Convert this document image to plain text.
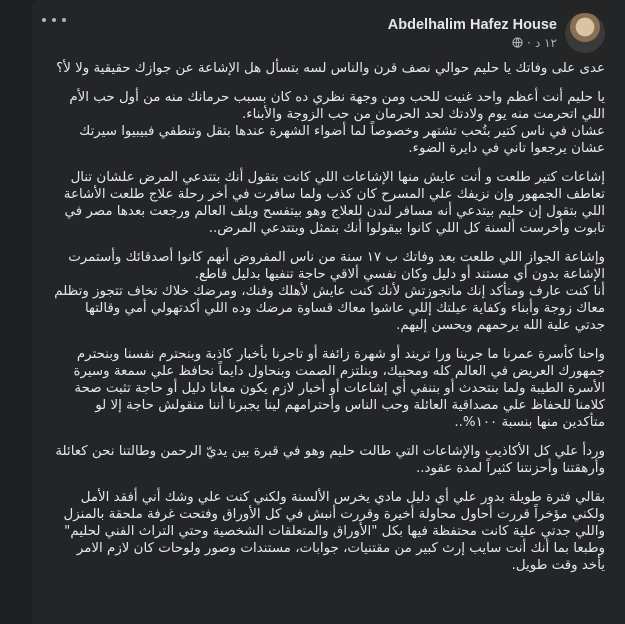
Abdelhalim Hafez House
· ١٢ د

عدى على وفاتك يا حليم حوالي نصف قرن والناس لسه بتسأل هل الإشاعة عن جوازك حقيقية ولا لأ؟

يا حليم أنت أعظم واحد غنيت للحب ومن وجهة نظري ده كان بسبب حرمانك منه من أول حب الأم اللي اتحرمت منه يوم ولادتك لحد الحرمان من حب الزوجة والأبناء.
عشان في ناس كتير بتُحب تشتهر وخصوصاً لما أضواء الشهرة عندها بتقل وتنطفي فبيبيوا سيرتك عشان يرجعوا تاني في دايرة الضوء.

إشاعات كتير طلعت و أنت عايش منها الإشاعات اللي كانت بتقول أنك بتتدعي المرض علشان تنال تعاطف الجمهور وإن نزيفك علي المسرح كان كذب ولما سافرت في أخر رحلة علاج طلعت الأشاعة اللي بتقول إن حليم بيتدعي أنه مسافر لندن للعلاج وهو بيتفسح ويلف العالم ورجعت بعدها مصر في تابوت وأخرست ألسنة كل اللي كانوا بيقولوا أنك بتمثل وبتتدعي المرض..

وإشاعة الجواز اللي طلعت بعد وفاتك ب ١٧ سنة من ناس المفروض أنهم كانوا أصدقائك وأستمرت الإشاعة بدون أي مستند أو دليل وكان نفسي ألاقي حاجة تنفيها بدليل قاطع.
أنا كنت عارف ومتأكد إنك ماتجوزتش لأنك كنت عايش لأهلك وفنك، ومرضك خلاك تخاف تتجوز وتظلم معاك زوجة وأبناء وكفاية عيلتك إللي عاشوا معاك قساوة مرضك وده اللي أكدتهولي أمي وقالتها جدتي علية الله يرحمهم ويحسن إليهم.

واحنا كأسرة عمرنا ما جرينا ورا تريند أو شهرة زائفة أو تاجرنا بأخبار كاذبة وبنحترم نفسنا وبنحترم جمهورك العريض في العالم كله ومحبيك، وبنلتزم الصمت وبنحاول دايماً نحافظ علي سمعة وسيرة الأسرة الطيبة ولما بنتحدث أو بننفي أي إشاعات أو أخبار لازم يكون معانا دليل أو حاجة تثبت صحة كلامنا للحفاظ علي مصداقية العائلة وحب الناس وأحترامهم لينا يجبرنا أننا منقولش حاجة إلا لو متأكدين منها بنسبة ١٠٠%..

وردأ علي كل الأكاذيب والإشاعات التي طالت حليم وهو في قبرة بين يديّ الرحمن وطالتنا نحن كعائلة وأرهقتنا وأحزنتنا كثيراً لمدة عقود..

بقالي فترة طويلة بدور علي أي دليل مادي يخرس الألسنة ولكني كنت علي وشك أني أفقد الأمل ولكني مؤخراً قررت أحاول محاولة أخيرة وقررت أنبش في كل الأوراق وفتحت غرفة ملحقة بالمنزل واللي جدتي علية كانت محتفظة فيها بكل "الأوراق والمتعلقات الشخصية وحتي التراث الفني لحليم" وطبعا بما أنك أنت سايب إرث كبير من مقتنيات، جوابات، مستندات وصور ولوحات كان لازم الامر يأخد وقت طويل.
